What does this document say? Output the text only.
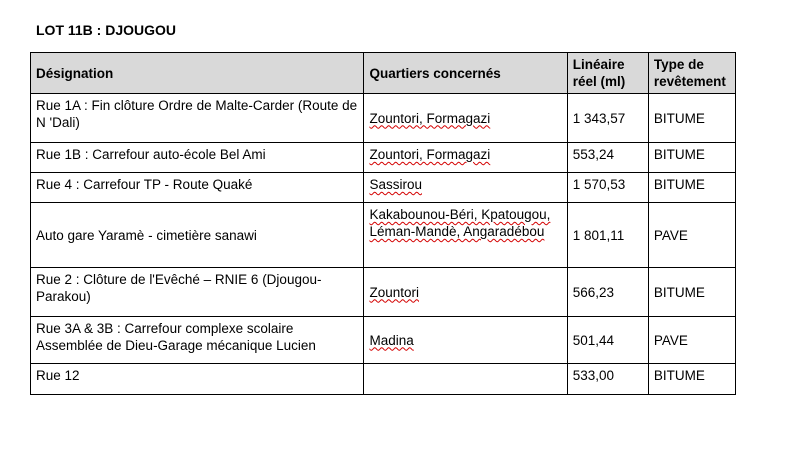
LOT 11B : DJOUGOU
Désignation	Quartiers concernés	Linéaire réel (ml)	Type de revêtement
Rue 1A : Fin clôture Ordre de Malte-Carder (Route de N 'Dali)	Zountori, Formagazi	1 343,57	BITUME
Rue 1B : Carrefour auto-école Bel Ami	Zountori, Formagazi	553,24	BITUME
Rue 4 : Carrefour TP - Route Quaké	Sassirou	1 570,53	BITUME
Auto gare Yaramè - cimetière sanawi	Kakabounou-Béri, Kpatougou, Léman-Mandè, Angaradébou	1 801,11	PAVE
Rue 2 : Clôture de l'Evêché – RNIE 6 (Djougou-Parakou)	Zountori	566,23	BITUME
Rue 3A & 3B : Carrefour complexe scolaire Assemblée de Dieu-Garage mécanique Lucien	Madina	501,44	PAVE
Rue 12		533,00	BITUME
